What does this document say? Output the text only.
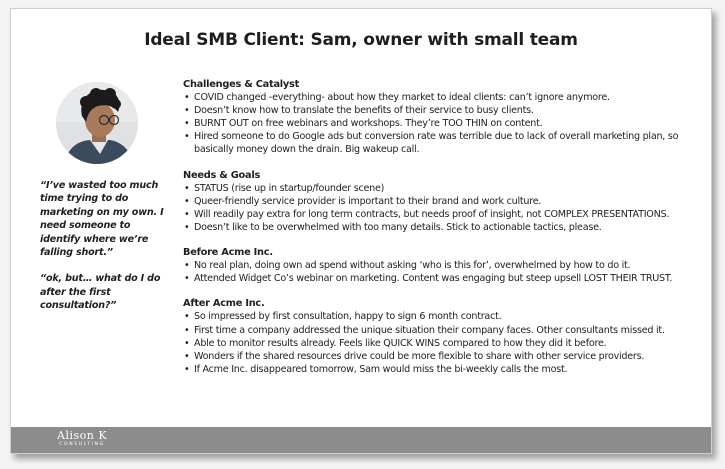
Ideal SMB Client: Sam, owner with small team

“I’ve wasted too much time trying to do marketing on my own. I need someone to identify where we’re falling short.”

“ok, but… what do I do after the first consultation?”

Challenges & Catalyst
• COVID changed -everything- about how they market to ideal clients: can’t ignore anymore.
• Doesn’t know how to translate the benefits of their service to busy clients.
• BURNT OUT on free webinars and workshops. They’re TOO THIN on content.
• Hired someone to do Google ads but conversion rate was terrible due to lack of overall marketing plan, so basically money down the drain. Big wakeup call.
Needs & Goals
• STATUS (rise up in startup/founder scene)
• Queer-friendly service provider is important to their brand and work culture.
• Will readily pay extra for long term contracts, but needs proof of insight, not COMPLEX PRESENTATIONS.
• Doesn’t like to be overwhelmed with too many details. Stick to actionable tactics, please.
Before Acme Inc.
• No real plan, doing own ad spend without asking ‘who is this for’, overwhelmed by how to do it.
• Attended Widget Co’s webinar on marketing. Content was engaging but steep upsell LOST THEIR TRUST.
After Acme Inc.
• So impressed by first consultation, happy to sign 6 month contract.
• First time a company addressed the unique situation their company faces. Other consultants missed it.
• Able to monitor results already. Feels like QUICK WINS compared to how they did it before.
• Wonders if the shared resources drive could be more flexible to share with other service providers.
• If Acme Inc. disappeared tomorrow, Sam would miss the bi-weekly calls the most.
Alison K
CONSULTING
